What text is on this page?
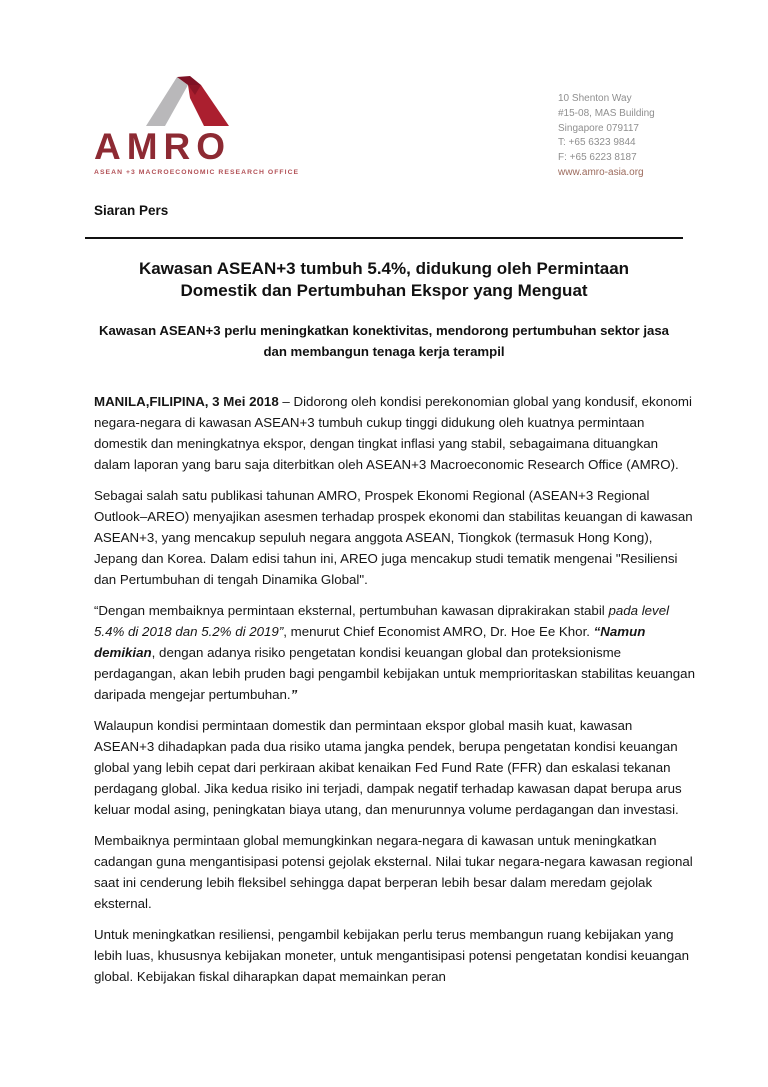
AMRO
ASEAN +3 MACROECONOMIC RESEARCH OFFICE
10 Shenton Way
#15-08, MAS Building
Singapore 079117
T: +65 6323 9844
F: +65 6223 8187
www.amro-asia.org
Siaran Pers
Kawasan ASEAN+3 tumbuh 5.4%, didukung oleh Permintaan Domestik dan Pertumbuhan Ekspor yang Menguat
Kawasan ASEAN+3 perlu meningkatkan konektivitas, mendorong pertumbuhan sektor jasa dan membangun tenaga kerja terampil

MANILA,FILIPINA, 3 Mei 2018 – Didorong oleh kondisi perekonomian global yang kondusif, ekonomi negara-negara di kawasan ASEAN+3 tumbuh cukup tinggi didukung oleh kuatnya permintaan domestik dan meningkatnya ekspor, dengan tingkat inflasi yang stabil, sebagaimana dituangkan dalam laporan yang baru saja diterbitkan oleh ASEAN+3 Macroeconomic Research Office (AMRO).

Sebagai salah satu publikasi tahunan AMRO, Prospek Ekonomi Regional (ASEAN+3 Regional Outlook–AREO) menyajikan asesmen terhadap prospek ekonomi dan stabilitas keuangan di kawasan ASEAN+3, yang mencakup sepuluh negara anggota ASEAN, Tiongkok (termasuk Hong Kong), Jepang dan Korea. Dalam edisi tahun ini, AREO juga mencakup studi tematik mengenai "Resiliensi dan Pertumbuhan di tengah Dinamika Global".

“Dengan membaiknya permintaan eksternal, pertumbuhan kawasan diprakirakan stabil pada level 5.4% di 2018 dan 5.2% di 2019”, menurut Chief Economist AMRO, Dr. Hoe Ee Khor. “Namun demikian, dengan adanya risiko pengetatan kondisi keuangan global dan proteksionisme perdagangan, akan lebih pruden bagi pengambil kebijakan untuk memprioritaskan stabilitas keuangan daripada mengejar pertumbuhan.”

Walaupun kondisi permintaan domestik dan permintaan ekspor global masih kuat, kawasan ASEAN+3 dihadapkan pada dua risiko utama jangka pendek, berupa pengetatan kondisi keuangan global yang lebih cepat dari perkiraan akibat kenaikan Fed Fund Rate (FFR) dan eskalasi tekanan perdagang global. Jika kedua risiko ini terjadi, dampak negatif terhadap kawasan dapat berupa arus keluar modal asing, peningkatan biaya utang, dan menurunnya volume perdagangan dan investasi.

Membaiknya permintaan global memungkinkan negara-negara di kawasan untuk meningkatkan cadangan guna mengantisipasi potensi gejolak eksternal. Nilai tukar negara-negara kawasan regional saat ini cenderung lebih fleksibel sehingga dapat berperan lebih besar dalam meredam gejolak eksternal.

Untuk meningkatkan resiliensi, pengambil kebijakan perlu terus membangun ruang kebijakan yang lebih luas, khususnya kebijakan moneter, untuk mengantisipasi potensi pengetatan kondisi keuangan global. Kebijakan fiskal diharapkan dapat memainkan peran
